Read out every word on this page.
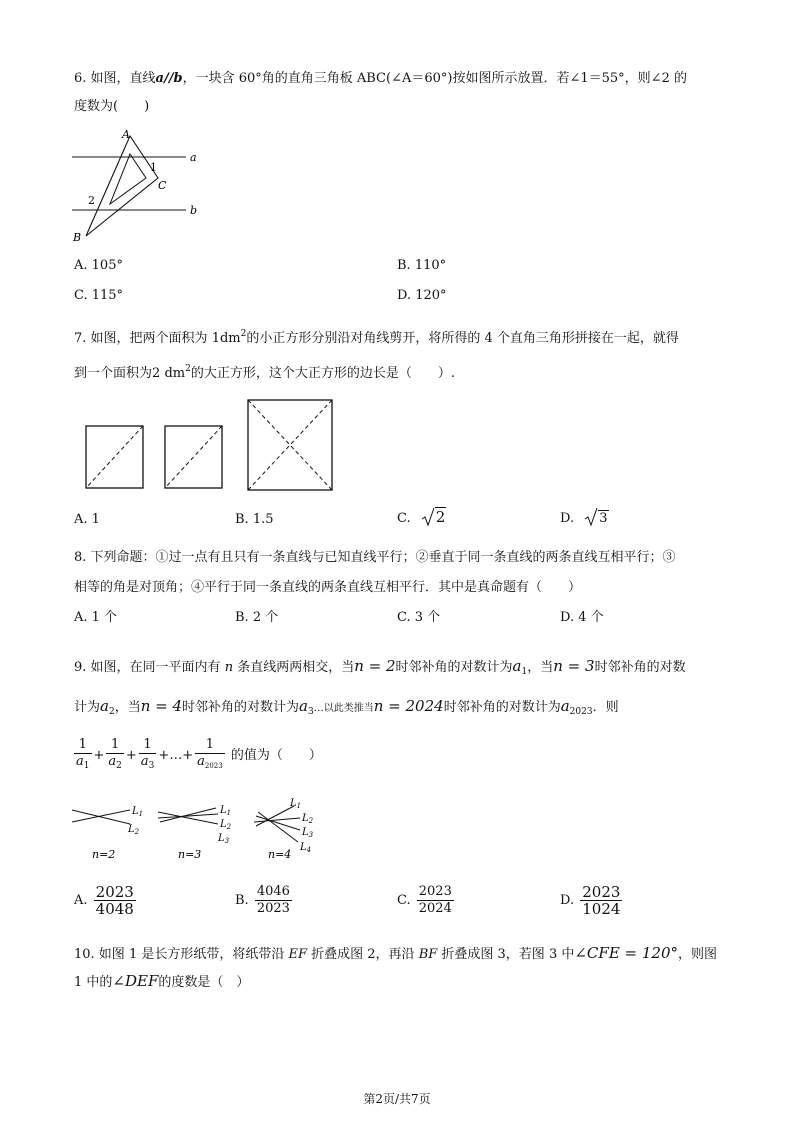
6. 如图，直线a//b，一块含 60°角的直角三角板 ABC(∠A＝60°)按如图所示放置．若∠1＝55°，则∠2 的
度数为(　　)
A
1
a
C
2
b
B
A. 105°	B. 110°
C. 115°	D. 120°
7. 如图，把两个面积为 $1dm^2$的小正方形分别沿对角线剪开，将所得的 4 个直角三角形拼接在一起，就得
到一个面积为2 $dm^2$的大正方形，这个大正方形的边长是（　　）.
A. 1	B. 1.5	C. 2	D. 3
8. 下列命题：①过一点有且只有一条直线与已知直线平行；②垂直于同一条直线的两条直线互相平行；③
相等的角是对顶角；④平行于同一条直线的两条直线互相平行．其中是真命题有（　　）
A. 1 个	B. 2 个	C. 3 个	D. 4 个
9. 如图，在同一平面内有 n 条直线两两相交，当n = 2时邻补角的对数计为$a_1$，当n = 3时邻补角的对数
计为$a_2$，当n = 4时邻补角的对数计为$a_3\dots$以此类推当n = 2024时邻补角的对数计为$a_{2023}$．则
$\frac{1}{a_1} + \frac{1}{a_2} + \frac{1}{a_3}$ +…+ $\frac{1}{a_{2023}}$ 的值为（　　）
$L_1$
$L_2$
n=2
$L_1$
$L_2$
$L_3$
n=3
$L_1$
$L_2$
$L_3$
$L_4$
n=4
A. $\frac{2023}{4048}$	B. $\frac{4046}{2023}$	C. $\frac{2023}{2024}$	D. $\frac{2023}{1024}$
10. 如图 1 是长方形纸带，将纸带沿 EF 折叠成图 2，再沿 BF 折叠成图 3，若图 3 中∠CFE = 120°，则图
1 中的∠DEF的度数是（　）
第2页/共7页
